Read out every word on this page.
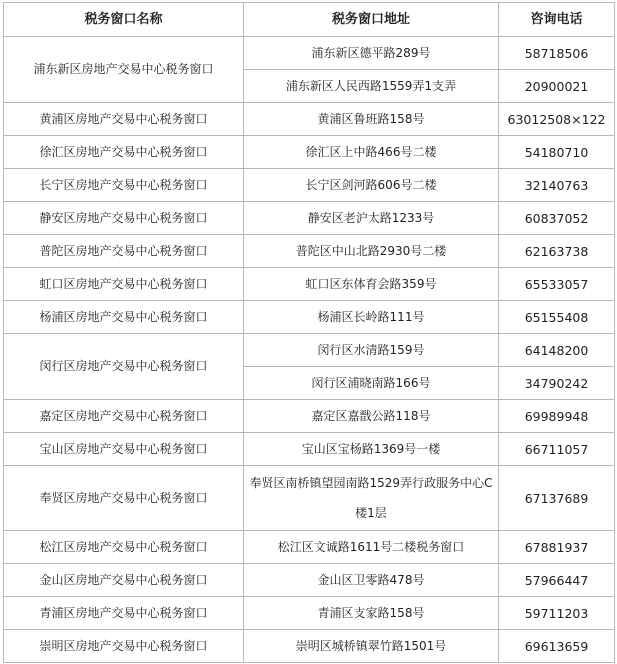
税务窗口名称	税务窗口地址	咨询电话
浦东新区房地产交易中心税务窗口	浦东新区德平路289号	58718506
	浦东新区人民西路1559弄1支弄	20900021
黄浦区房地产交易中心税务窗口	黄浦区鲁班路158号	63012508×122
徐汇区房地产交易中心税务窗口	徐汇区上中路466号二楼	54180710
长宁区房地产交易中心税务窗口	长宁区剑河路606号二楼	32140763
静安区房地产交易中心税务窗口	静安区老沪太路1233号	60837052
普陀区房地产交易中心税务窗口	普陀区中山北路2930号二楼	62163738
虹口区房地产交易中心税务窗口	虹口区东体育会路359号	65533057
杨浦区房地产交易中心税务窗口	杨浦区长岭路111号	65155408
闵行区房地产交易中心税务窗口	闵行区水清路159号	64148200
	闵行区浦晓南路166号	34790242
嘉定区房地产交易中心税务窗口	嘉定区嘉戬公路118号	69989948
宝山区房地产交易中心税务窗口	宝山区宝杨路1369号一楼	66711057
奉贤区房地产交易中心税务窗口	奉贤区南桥镇望园南路1529弄行政服务中心C楼1层	67137689
松江区房地产交易中心税务窗口	松江区文诚路1611号二楼税务窗口	67881937
金山区房地产交易中心税务窗口	金山区卫零路478号	57966447
青浦区房地产交易中心税务窗口	青浦区支家路158号	59711203
崇明区房地产交易中心税务窗口	崇明区城桥镇翠竹路1501号	69613659
